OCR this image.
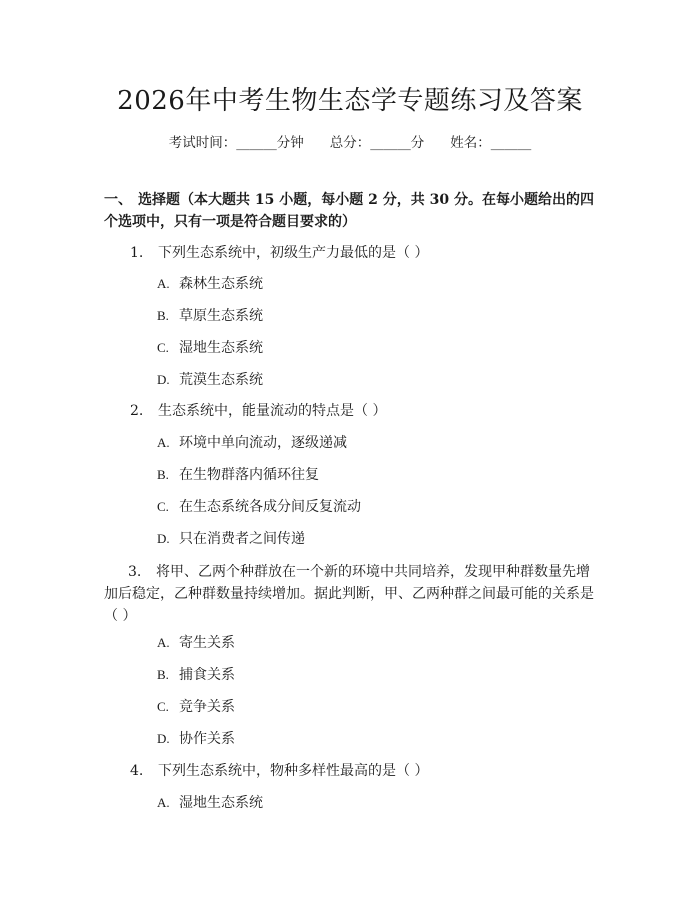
2026年中考生物生态学专题练习及答案
考试时间：______分钟 总分：______分 姓名：______
一、 选择题（本大题共 15 小题，每小题 2 分，共 30 分。在每小题给出的四个选项中，只有一项是符合题目要求的）
1. 下列生态系统中，初级生产力最低的是（ ）
A. 森林生态系统
B. 草原生态系统
C. 湿地生态系统
D. 荒漠生态系统
2. 生态系统中，能量流动的特点是（ ）
A. 环境中单向流动，逐级递减
B. 在生物群落内循环往复
C. 在生态系统各成分间反复流动
D. 只在消费者之间传递
3. 将甲、乙两个种群放在一个新的环境中共同培养，发现甲种群数量先增加后稳定，乙种群数量持续增加。据此判断，甲、乙两种群之间最可能的关系是（ ）
A. 寄生关系
B. 捕食关系
C. 竞争关系
D. 协作关系
4. 下列生态系统中，物种多样性最高的是（ ）
A. 湿地生态系统
